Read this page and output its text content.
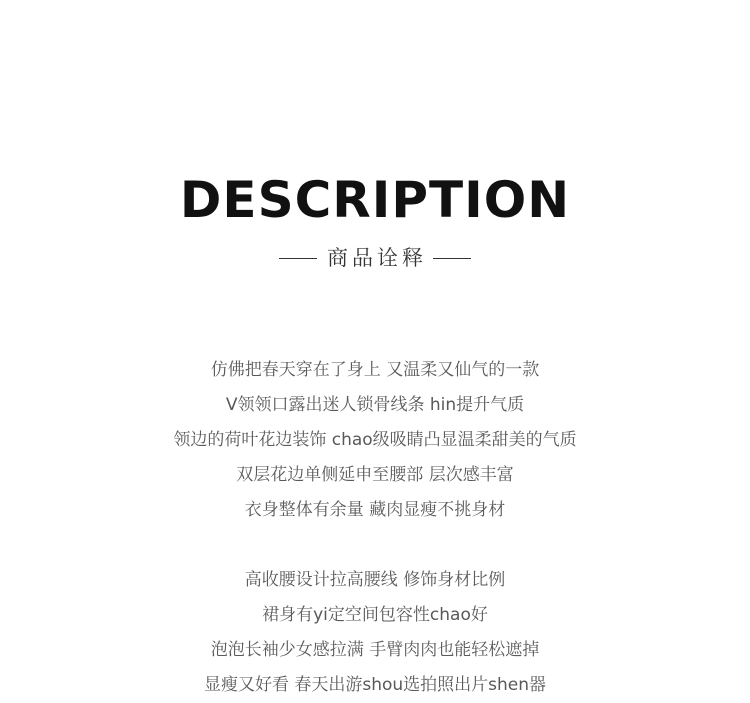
DESCRIPTION
商品诠释
仿佛把春天穿在了身上 又温柔又仙气的一款
V领领口露出迷人锁骨线条 hin提升气质
领边的荷叶花边装饰 chao级吸睛凸显温柔甜美的气质
双层花边单侧延申至腰部 层次感丰富
衣身整体有余量 藏肉显瘦不挑身材
高收腰设计拉高腰线 修饰身材比例
裙身有yi定空间包容性chao好
泡泡长袖少女感拉满 手臂肉肉也能轻松遮掉
显瘦又好看 春天出游shou选拍照出片shen器
